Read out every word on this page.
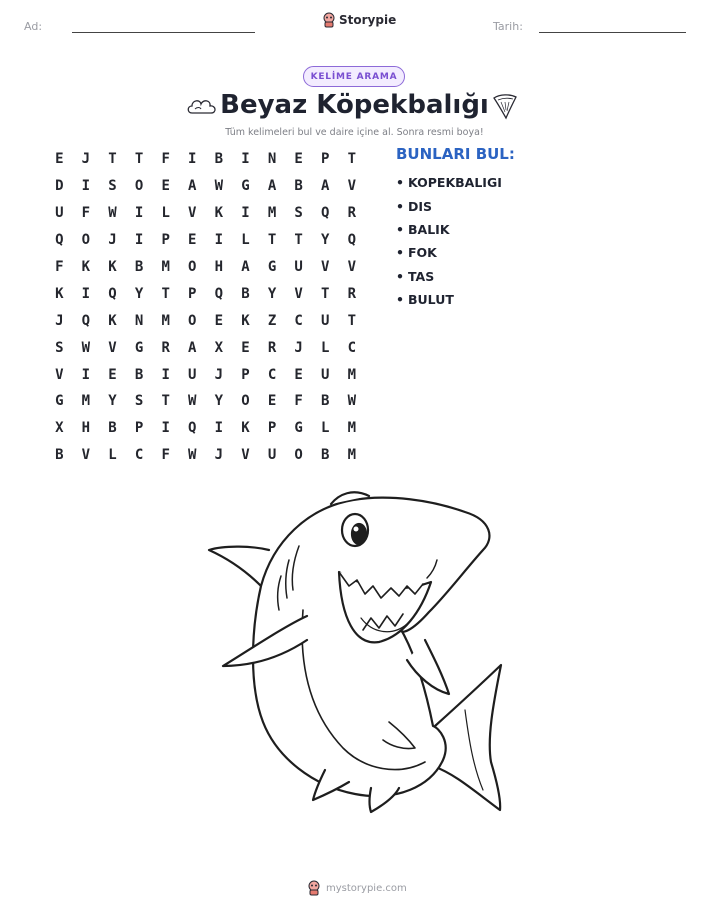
Ad:	Storypie	Tarih:
KELİME ARAMA
Beyaz Köpekbalığı
Tüm kelimeleri bul ve daire içine al. Sonra resmi boya!
E	J	T	T	F	I	B	I	N	E	P	T
D	I	S	O	E	A	W	G	A	B	A	V
U	F	W	I	L	V	K	I	M	S	Q	R
Q	O	J	I	P	E	I	L	T	T	Y	Q
F	K	K	B	M	O	H	A	G	U	V	V
K	I	Q	Y	T	P	Q	B	Y	V	T	R
J	Q	K	N	M	O	E	K	Z	C	U	T
S	W	V	G	R	A	X	E	R	J	L	C
V	I	E	B	I	U	J	P	C	E	U	M
G	M	Y	S	T	W	Y	O	E	F	B	W
X	H	B	P	I	Q	I	K	P	G	L	M
B	V	L	C	F	W	J	V	U	O	B	M
BUNLARI BUL:
• KOPEKBALIGI
• DIS
• BALIK
• FOK
• TAS
• BULUT
mystorypie.com
